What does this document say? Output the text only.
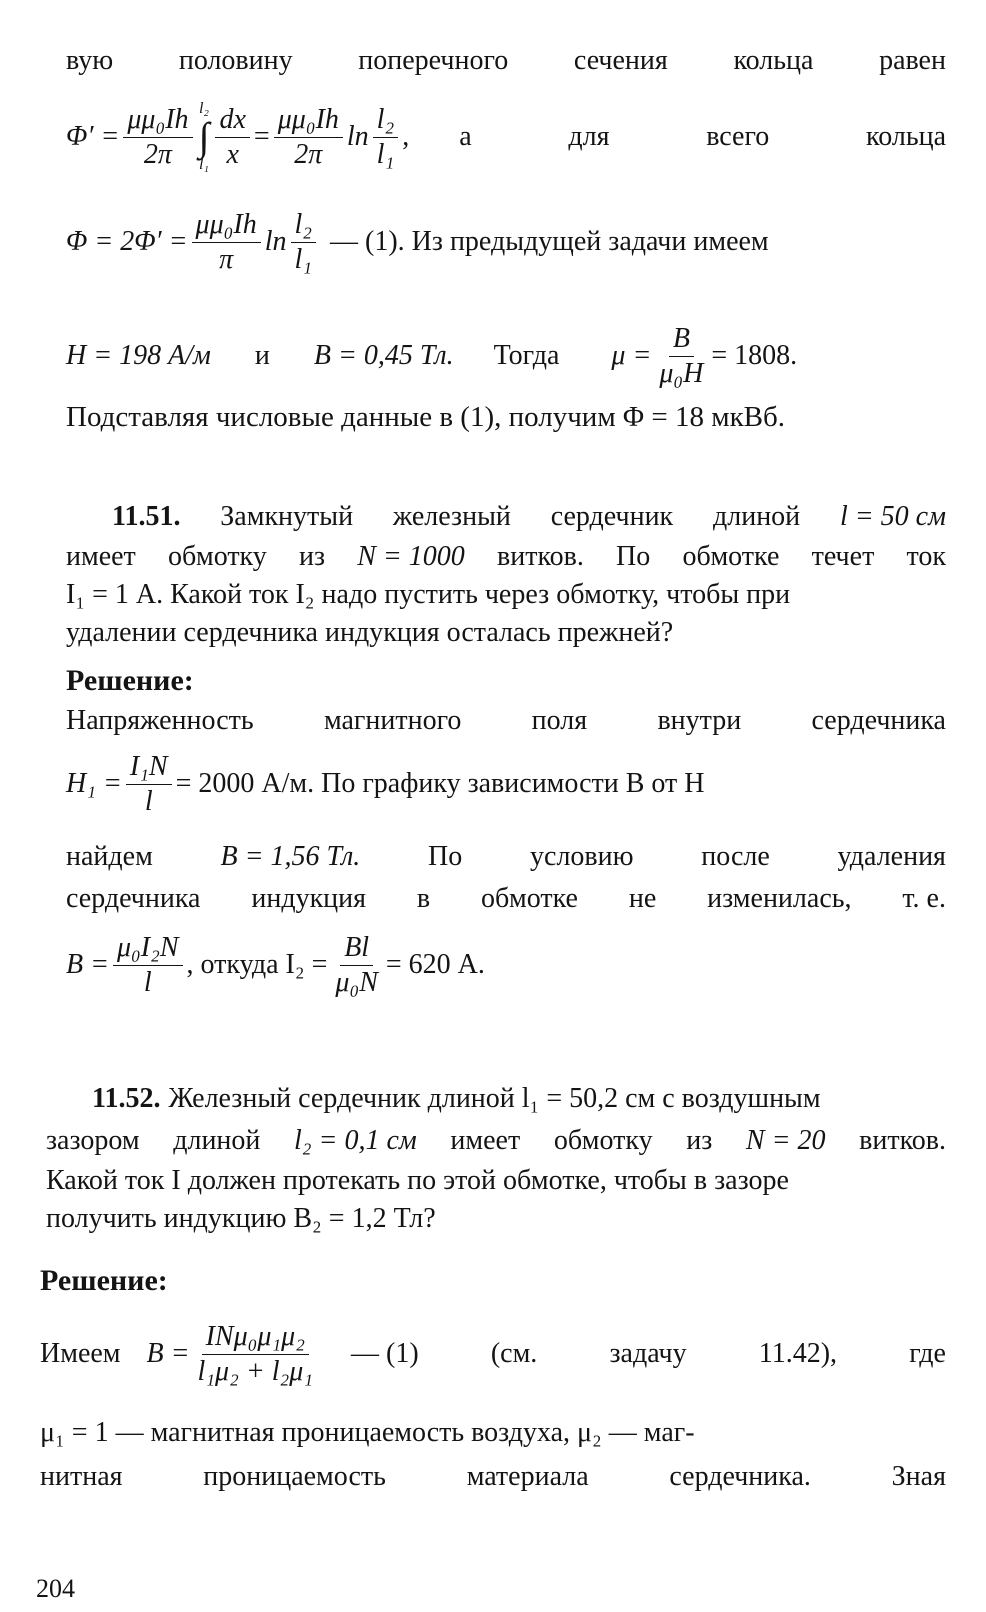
вую половину поперечного сечения кольца равен
$\Phi' = \frac{\text{μμ₀Ih}}{2\pi} l_2$
∫
$l_1 \frac{dx}{x} = \frac{\text{μμ₀Ih}}{2\pi}$ $\ln \frac{\text{l₂}}{\text{l₁}}$ , а	для	всего	кольца
$\Phi = 2\Phi' = \frac{\text{μμ₀Ih}}{\pi}$ $\ln \frac{\text{l₂}}{\text{l₁}}$ — (1). Из предыдущей задачи имеем
H = 198 А/м и B = 0,45 Тл. Тогда $\mu = \frac{B}{\text{μ₀H}} = 1808$.
Подставляя числовые данные в (1), получим Φ = 18 мкВб.
11.51. Замкнутый железный сердечник длиной l = 50 см
имеет обмотку из N = 1000 витков. По обмотке течет ток
I₁ = 1 А. Какой ток I₂ надо пустить через обмотку, чтобы при
удалении сердечника индукция осталась прежней?
Решение:
Напряженность	магнитного	поля	внутри	сердечника
$H_1 = \frac{\text{I₁N}}{l} = 2000$ А/м. По графику зависимости B от H
найдем B = 1,56 Тл. По условию после удаления
сердечника индукция в обмотке не изменилась, т. е.
$B = \frac{\text{μ₀I₂N}}{l}$ , откуда $I_2 = \frac{Bl}{\text{μ₀N}} = 620$ А.
11.52. Железный сердечник длиной l₁ = 50,2 см с воздушным
зазором длиной l₂ = 0,1 см имеет обмотку из N = 20 витков.
Какой ток I должен протекать по этой обмотке, чтобы в зазоре
получить индукцию B₂ = 1,2 Тл?
Решение:
Имеем $B = \frac{\text{INμ₀μ₁μ₂}}{\text{l₁μ₂ + l₂μ₁}}$ — (1)	(см.	задачу	11.42),	где
μ₁ = 1 — магнитная проницаемость воздуха, μ₂ — маг-
нитная	проницаемость	материала	сердечника.	Зная
204
